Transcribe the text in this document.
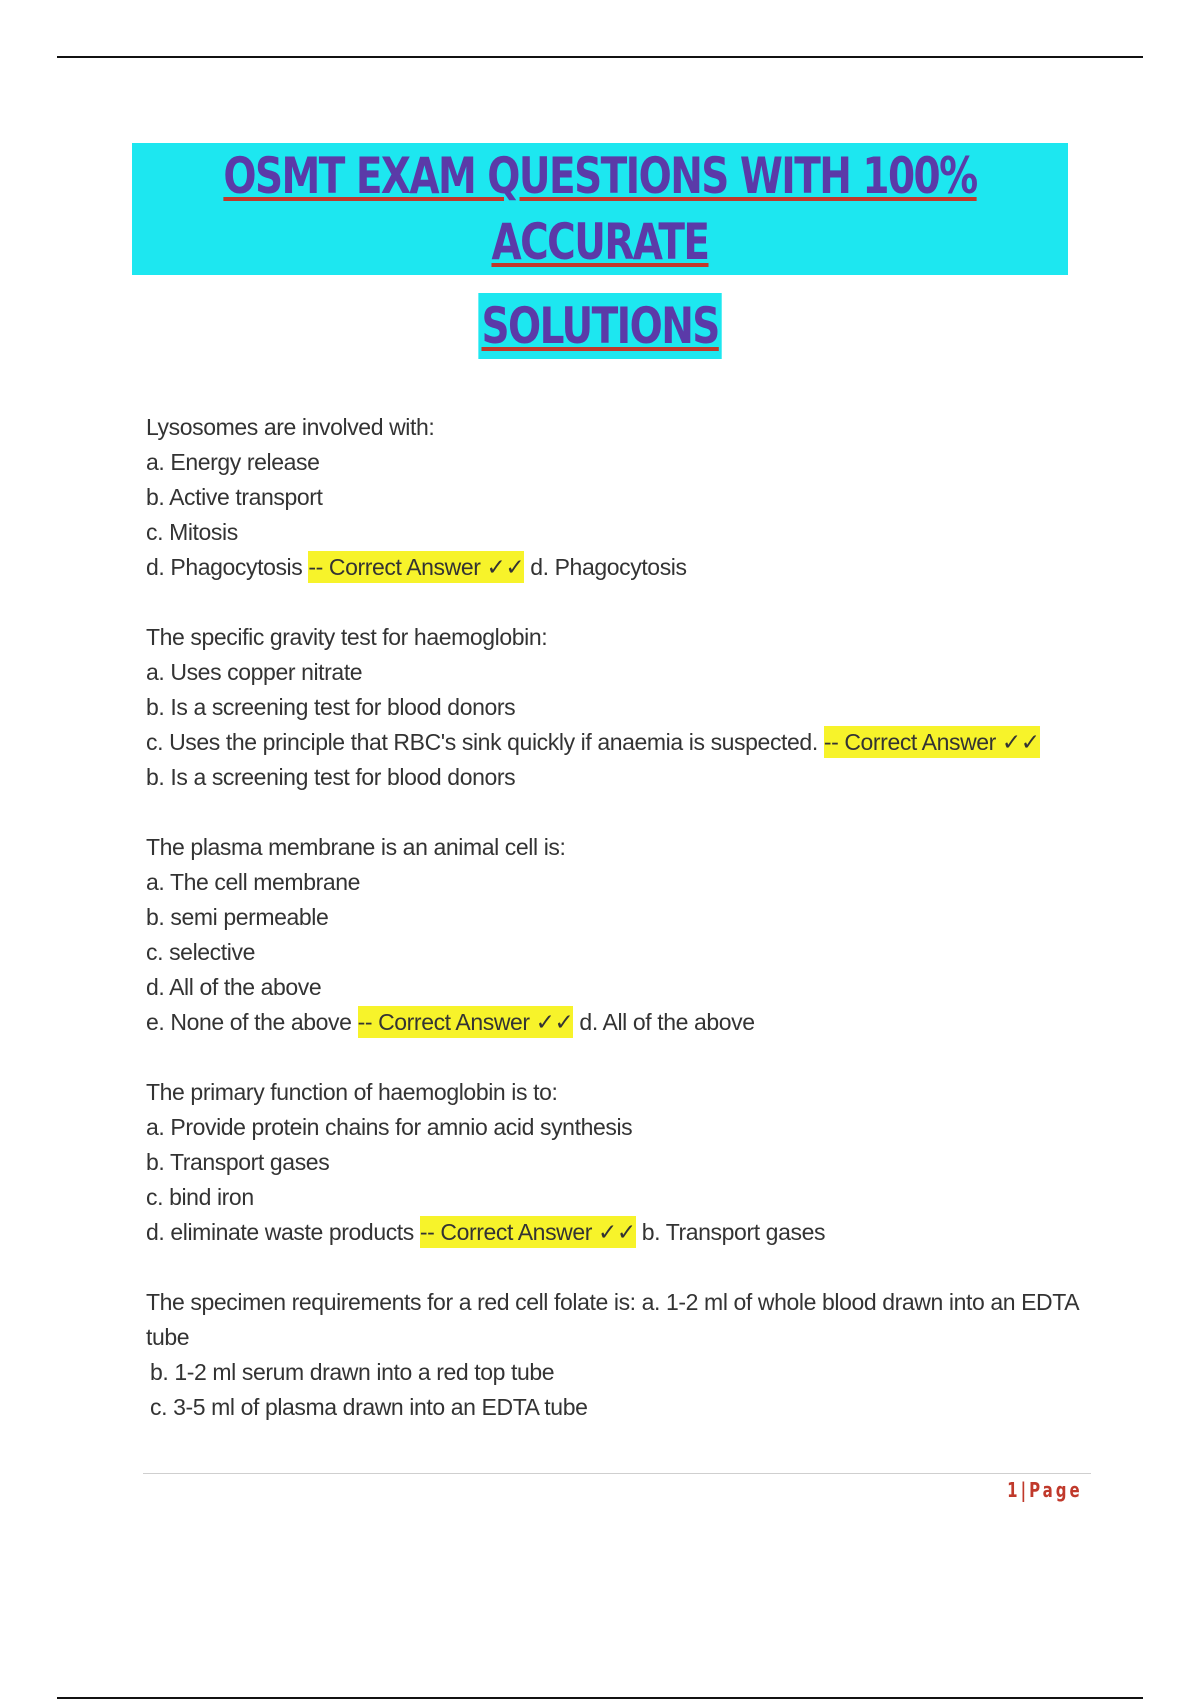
OSMT EXAM QUESTIONS WITH 100% ACCURATE
SOLUTIONS
Lysosomes are involved with:
a. Energy release
b. Active transport
c. Mitosis
d. Phagocytosis -- Correct Answer ✓✓ d. Phagocytosis
The specific gravity test for haemoglobin:
a. Uses copper nitrate
b. Is a screening test for blood donors
c. Uses the principle that RBC's sink quickly if anaemia is suspected. -- Correct Answer ✓✓
b. Is a screening test for blood donors
The plasma membrane is an animal cell is:
a. The cell membrane
b. semi permeable
c. selective
d. All of the above
e. None of the above -- Correct Answer ✓✓ d. All of the above
The primary function of haemoglobin is to:
a. Provide protein chains for amnio acid synthesis
b. Transport gases
c. bind iron
d. eliminate waste products -- Correct Answer ✓✓ b. Transport gases
The specimen requirements for a red cell folate is: a. 1-2 ml of whole blood drawn into an EDTA tube
b. 1-2 ml serum drawn into a red top tube
c. 3-5 ml of plasma drawn into an EDTA tube
1|Page
